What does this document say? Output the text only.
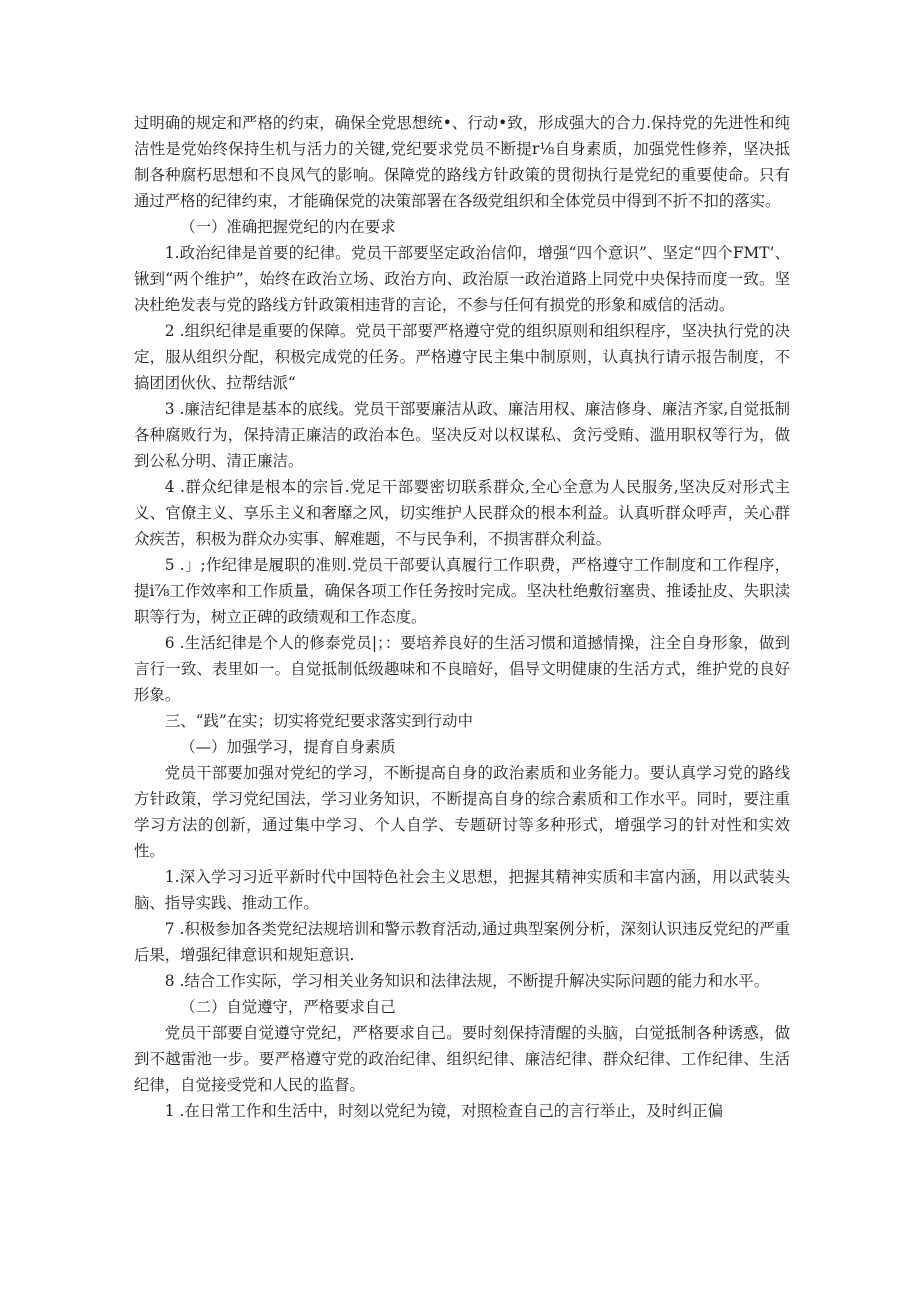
过明确的规定和严格的约束，确保全党思想统•、行动•致，形成强大的合力.保持党的先进性和纯洁性是党始终保持生机与活力的关键,党纪要求党员不断提r⅛自身素质，加强党性修养，坚决抵制各种腐朽思想和不良风气的影响。保障党的路线方针政策的贯彻执行是党纪的重要使命。只有通过严格的纪律约束，才能确保党的决策部署在各级党组织和全体党员中得到不折不扣的落实。

（一）准确把握党纪的内在要求

1.政治纪律是首要的纪律。党员干部要坚定政治信仰，增强“四个意识”、坚定“四个FMT’、锹到“两个维护”，始终在政治立场、政治方向、政治原一政治道路上同党中央保持而度一致。坚决杜绝发表与党的路线方针政策相违背的言论，不参与任何有损党的形象和威信的活动。

2 .组织纪律是重要的保障。党员干部要严格遵守党的组织原则和组织程序，坚决执行党的决定，服从组织分配，积极完成党的任务。严格遵守民主集中制原则，认真执行请示报告制度，不搞团团伙伙、拉帮结派“

3 .廉洁纪律是基本的底线。党员干部要廉洁从政、廉洁用权、廉洁修身、廉洁齐家,自觉抵制各种腐败行为，保持清正廉洁的政治本色。坚决反对以权谋私、贪污受贿、滥用职权等行为，做到公私分明、清正廉洁。

4 .群众纪律是根本的宗旨.党足干部婴密切联系群众,全心全意为人民服务,坚决反对形式主义、官僚主义、享乐主义和奢靡之风，切实维护人民群众的根本利益。认真听群众呼声，关心群众疾苦，积极为群众办实事、解难题，不与民争利，不损害群众利益。

5 .」;作纪律是履职的准则.党员干部要认真履行工作职费，严格遵守工作制度和工作程序，提i⅞工作效率和工作质量，确保各项工作任务按时完成。坚决杜绝敷衍塞贵、推诿扯皮、失职渎职等行为，树立正碑的政绩观和工作态度。

6 .生活纪律是个人的修泰党员|；：要培养良好的生活习惯和道撼情操，注全自身形象，做到言行一致、表里如一。自觉抵制低级趣味和不良暗好，倡导文明健康的生活方式，维护党的良好形象。

三、“践”在实；切实将党纪要求落实到行动中

（—）加强学习，提育自身素质

党员干部要加强对党纪的学习，不断提高自身的政治素质和业务能力。要认真学习党的路线方针政策，学习党纪国法，学习业务知识，不断提高自身的综合素质和工作水平。同时，要注重学习方法的创新，通过集中学习、个人自学、专题研讨等多种形式，增强学习的针对性和实效性。

1.深入学习习近平新时代中国特色社会主义思想，把握其精神实质和丰富内涵，用以武装头脑、指导实践、推动工作。

7 .积极参加各类党纪法规培训和警示教育活动,通过典型案例分析，深刻认识违反党纪的严重后果，增强纪律意识和规矩意识.

8 .结合工作实际，学习相关业务知识和法律法规，不断提升解决实际问题的能力和水平。

（二）自觉遵守，严格要求自己

党员干部要自觉遵守党纪，严格要求自己。要时刻保持清醒的头脑，白觉抵制各种诱惑，做到不越雷池一步。要严格遵守党的政治纪律、组织纪律、廉洁纪律、群众纪律、工作纪律、生活纪律，自觉接受党和人民的监督。

1 .在日常工作和生活中，时刻以党纪为镜，对照检查自己的言行举止，及时纠正偏
